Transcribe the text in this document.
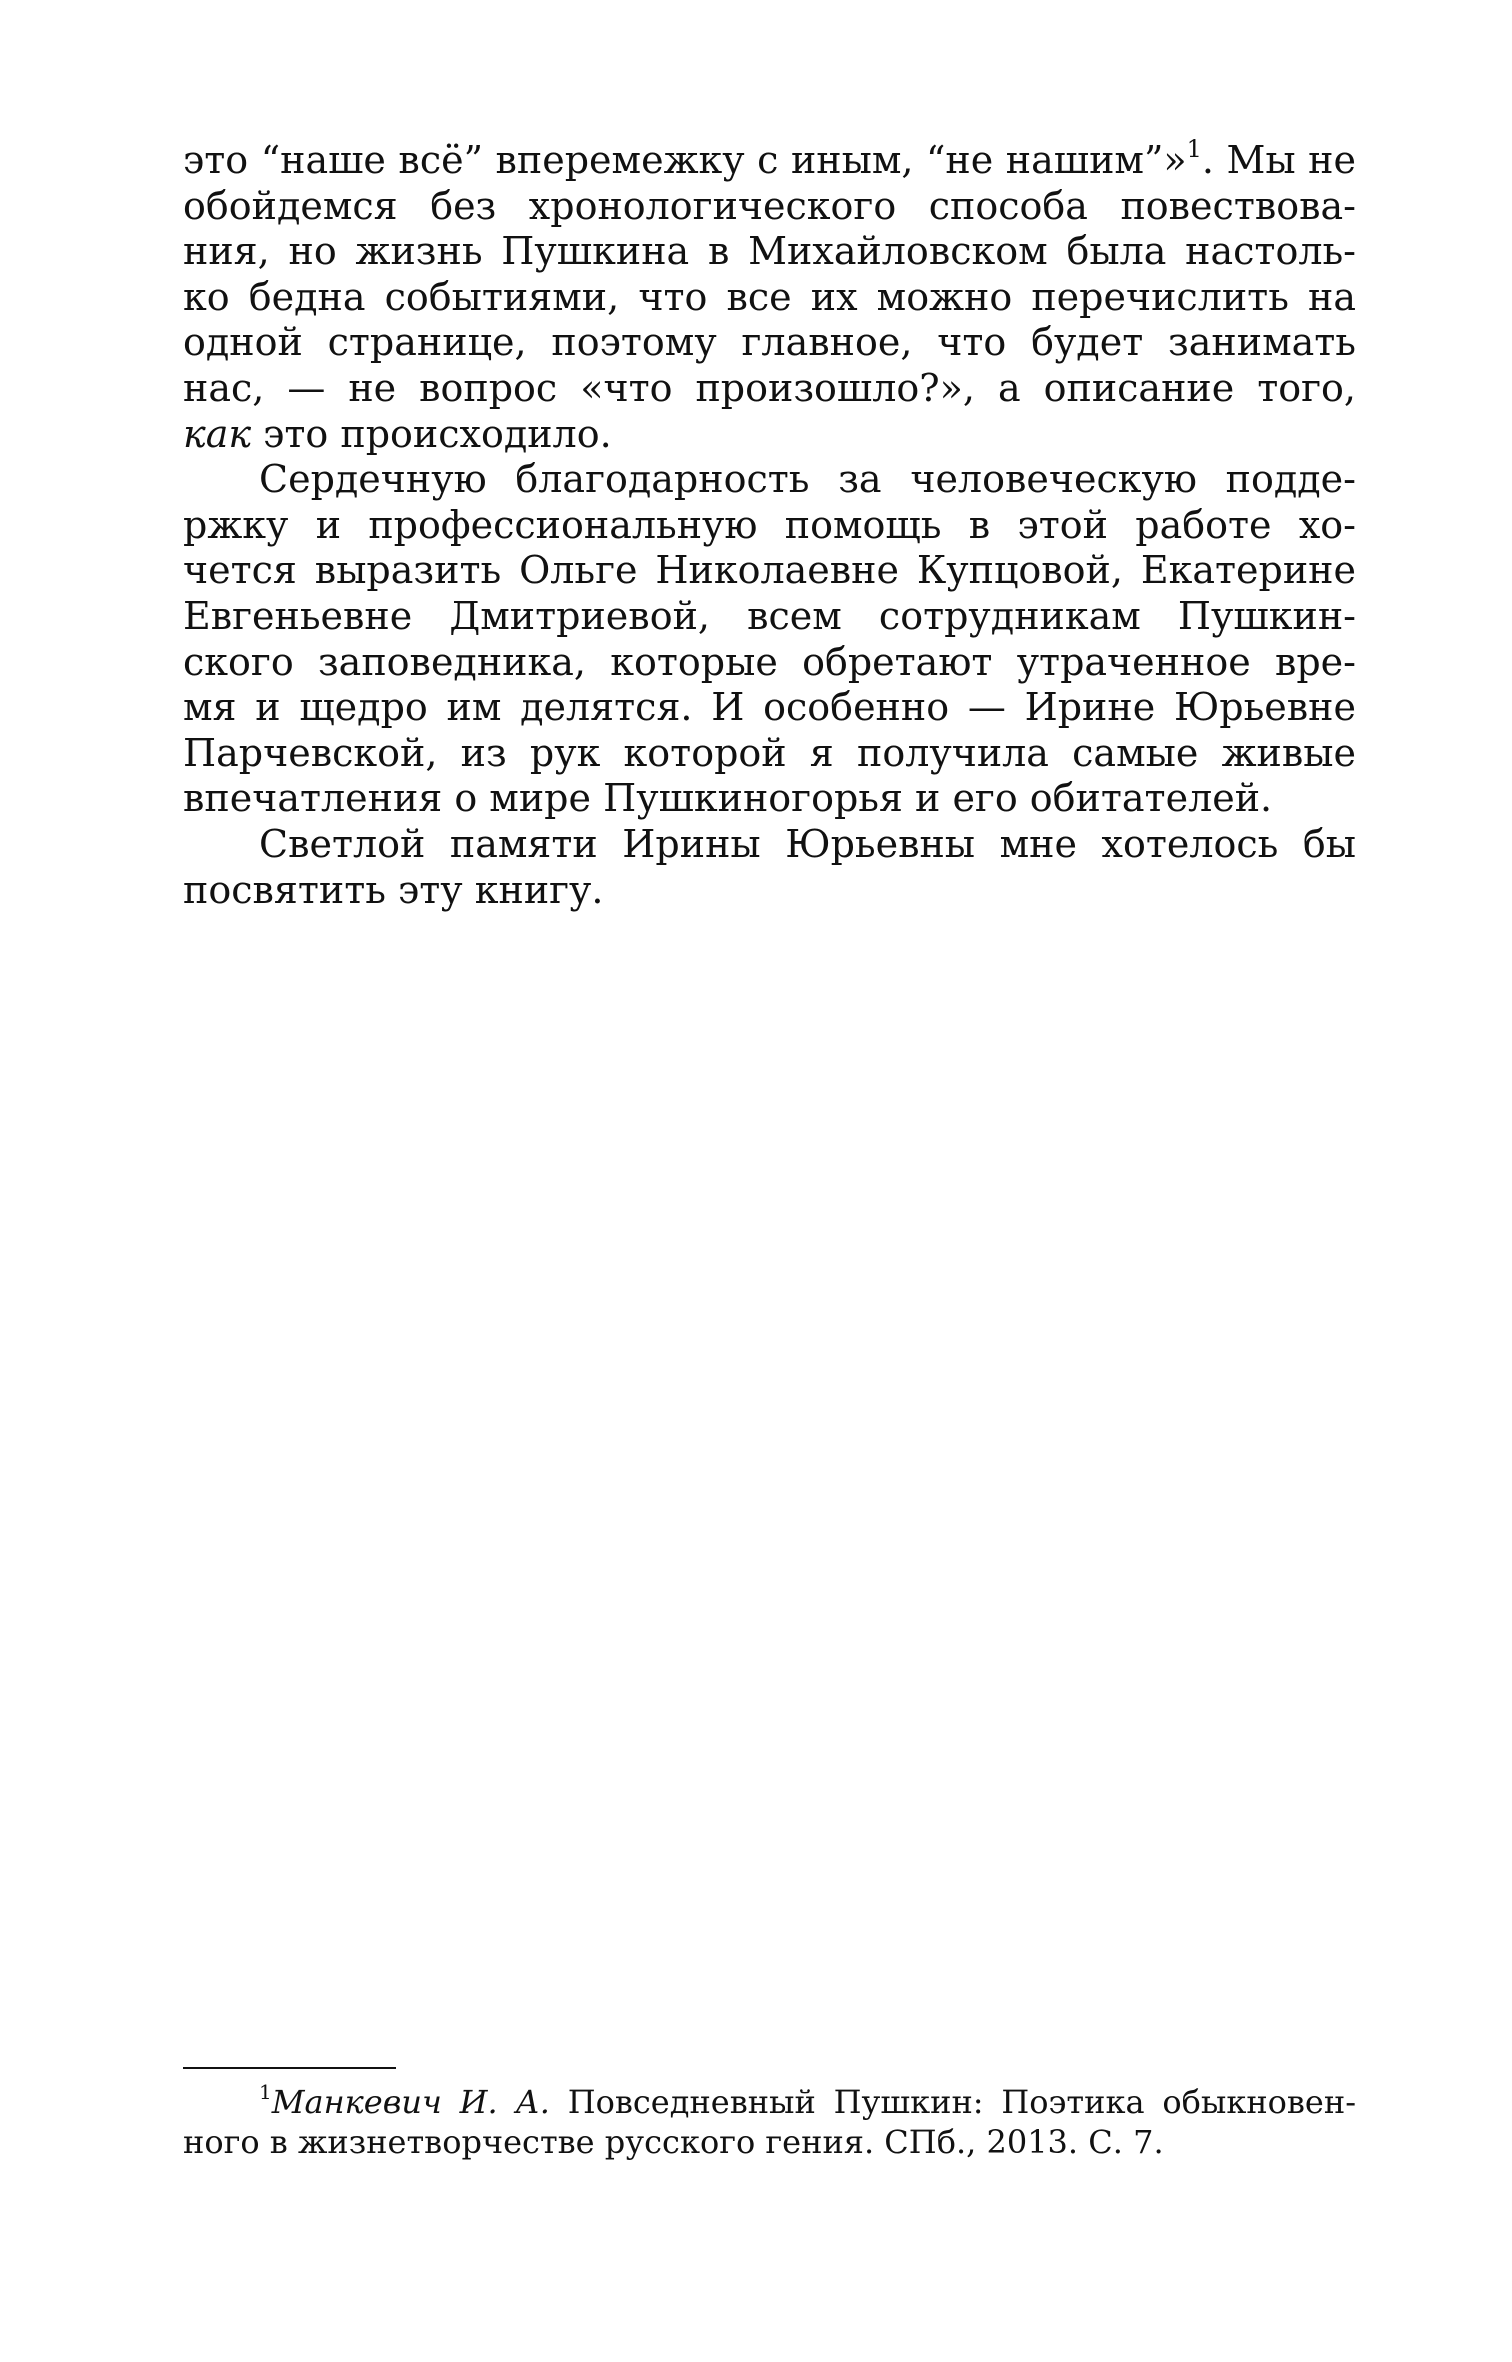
это “наше всё” вперемежку с иным, “не нашим”»$^1$. Мы не
обойдемся без хронологического способа повествова-
ния, но жизнь Пушкина в Михайловском была настоль-
ко бедна событиями, что все их можно перечислить на
одной странице, поэтому главное, что будет занимать
нас, — не вопрос «что произошло?», а описание того,
как это происходило.
Сердечную благодарность за человеческую подде-
ржку и профессиональную помощь в этой работе хо-
чется выразить Ольге Николаевне Купцовой, Екатерине
Евгеньевне Дмитриевой, всем сотрудникам Пушкин-
ского заповедника, которые обретают утраченное вре-
мя и щедро им делятся. И особенно — Ирине Юрьевне
Парчевской, из рук которой я получила самые живые
впечатления о мире Пушкиногорья и его обитателей.
Светлой памяти Ирины Юрьевны мне хотелось бы
посвятить эту книгу.
$^1$Манкевич И. А. Повседневный Пушкин: Поэтика обыкновен-
ного в жизнетворчестве русского гения. СПб., 2013. С. 7.
